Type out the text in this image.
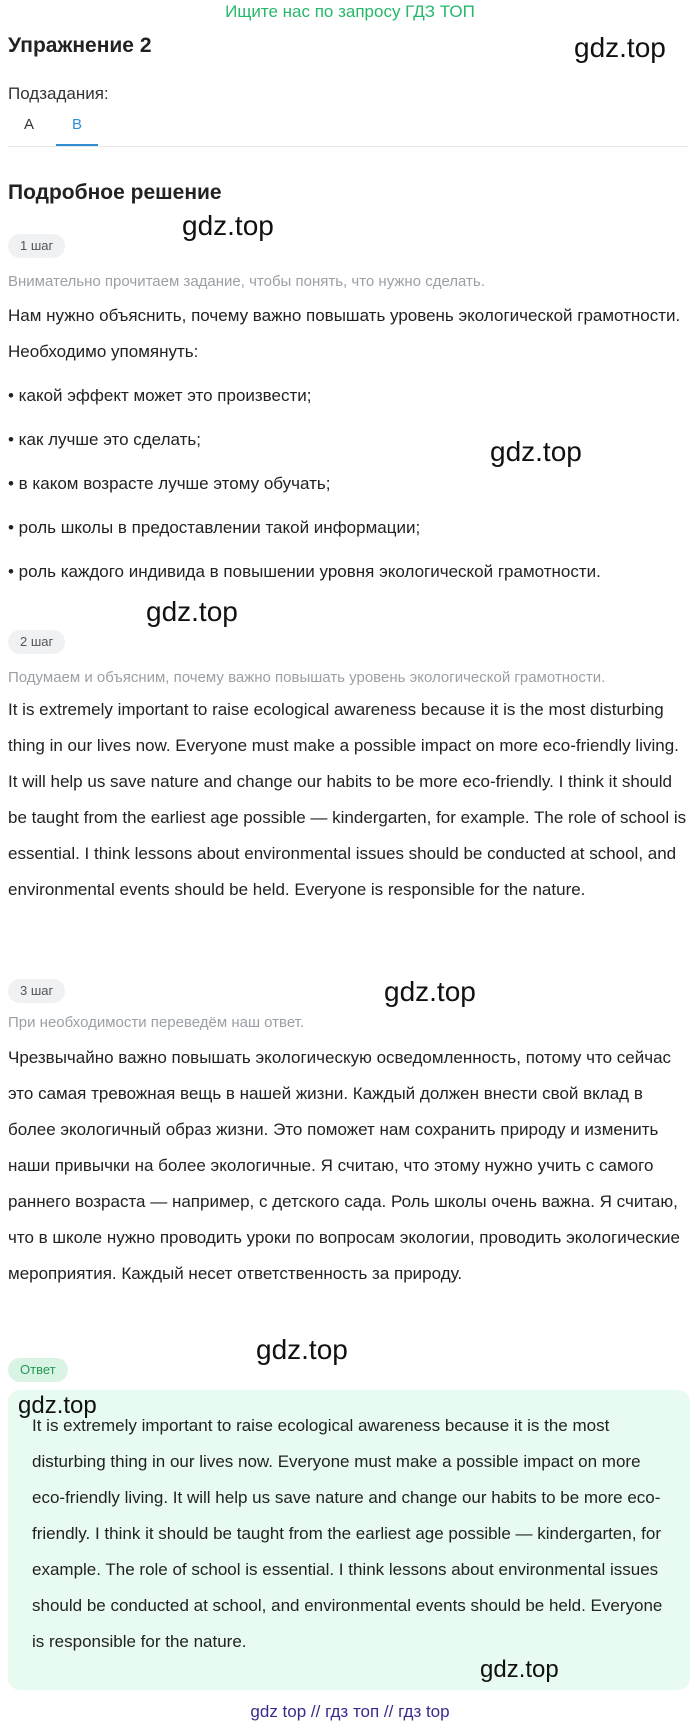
Ищите нас по запросу ГДЗ ТОП
Упражнение 2	gdz.top
Подзадания:
A	B
Подробное решение
1 шаг
gdz.top
Внимательно прочитаем задание, чтобы понять, что нужно сделать.

Нам нужно объяснить, почему важно повышать уровень экологической грамотности. Необходимо упомянуть:

• какой эффект может это произвести;

• как лучше это сделать;

• в каком возрасте лучше этому обучать;

• роль школы в предоставлении такой информации;

• роль каждого индивида в повышении уровня экологической грамотности.

gdz.top
gdz.top
2 шаг
Подумаем и объясним, почему важно повышать уровень экологической грамотности.

It is extremely important to raise ecological awareness because it is the most disturbing thing in our lives now. Everyone must make a possible impact on more eco-friendly living. It will help us save nature and change our habits to be more eco-friendly. I think it should be taught from the earliest age possible — kindergarten, for example. The role of school is essential. I think lessons about environmental issues should be conducted at school, and environmental events should be held. Everyone is responsible for the nature.

3 шаг	gdz.top
При необходимости переведём наш ответ.

Чрезвычайно важно повышать экологическую осведомленность, потому что сейчас это самая тревожная вещь в нашей жизни. Каждый должен внести свой вклад в более экологичный образ жизни. Это поможет нам сохранить природу и изменить наши привычки на более экологичные. Я считаю, что этому нужно учить с самого раннего возраста — например, с детского сада. Роль школы очень важна. Я считаю, что в школе нужно проводить уроки по вопросам экологии, проводить экологические мероприятия. Каждый несет ответственность за природу.

gdz.top
Ответ
gdz.top
It is extremely important to raise ecological awareness because it is the most disturbing thing in our lives now. Everyone must make a possible impact on more eco-friendly living. It will help us save nature and change our habits to be more eco-friendly. I think it should be taught from the earliest age possible — kindergarten, for example. The role of school is essential. I think lessons about environmental issues should be conducted at school, and environmental events should be held. Everyone is responsible for the nature.
gdz.top
gdz top // гдз топ // гдз top
